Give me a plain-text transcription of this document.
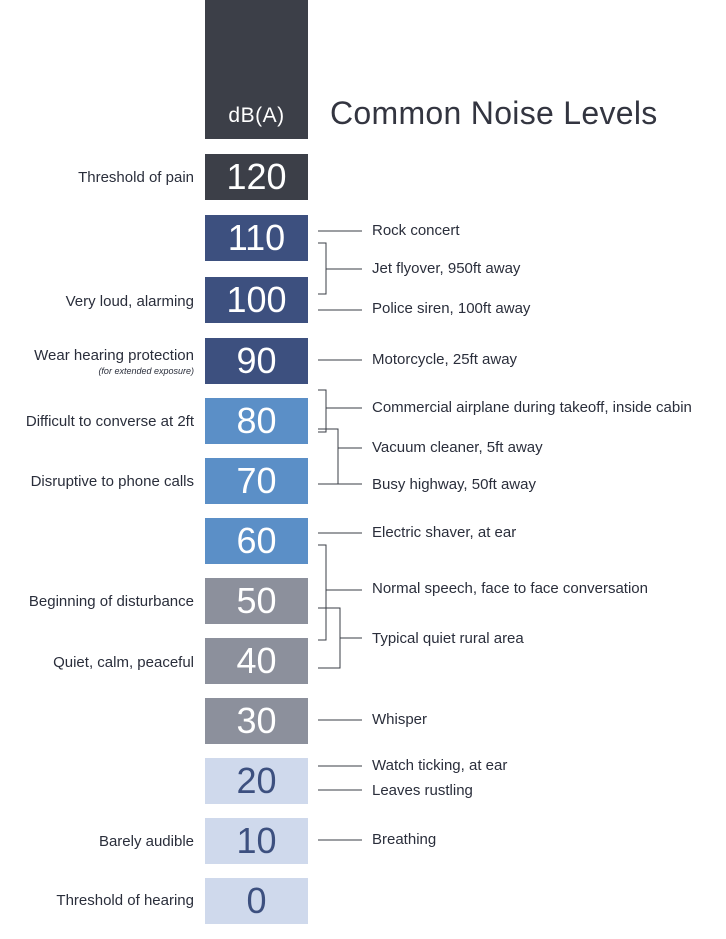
dB(A)	Common Noise Levels
120
110
100
90
80
70
60
50
40
30
20
10
0
Threshold of pain
Very loud, alarming
Wear hearing protection
(for extended exposure)
Difficult to converse at 2ft
Disruptive to phone calls
Beginning of disturbance
Quiet, calm, peaceful
Barely audible
Threshold of hearing
Rock concert
Jet flyover, 950ft away
Police siren, 100ft away
Motorcycle, 25ft away
Commercial airplane during takeoff, inside cabin
Vacuum cleaner, 5ft away
Busy highway, 50ft away
Electric shaver, at ear
Normal speech, face to face conversation
Typical quiet rural area
Whisper
Watch ticking, at ear
Leaves rustling
Breathing
